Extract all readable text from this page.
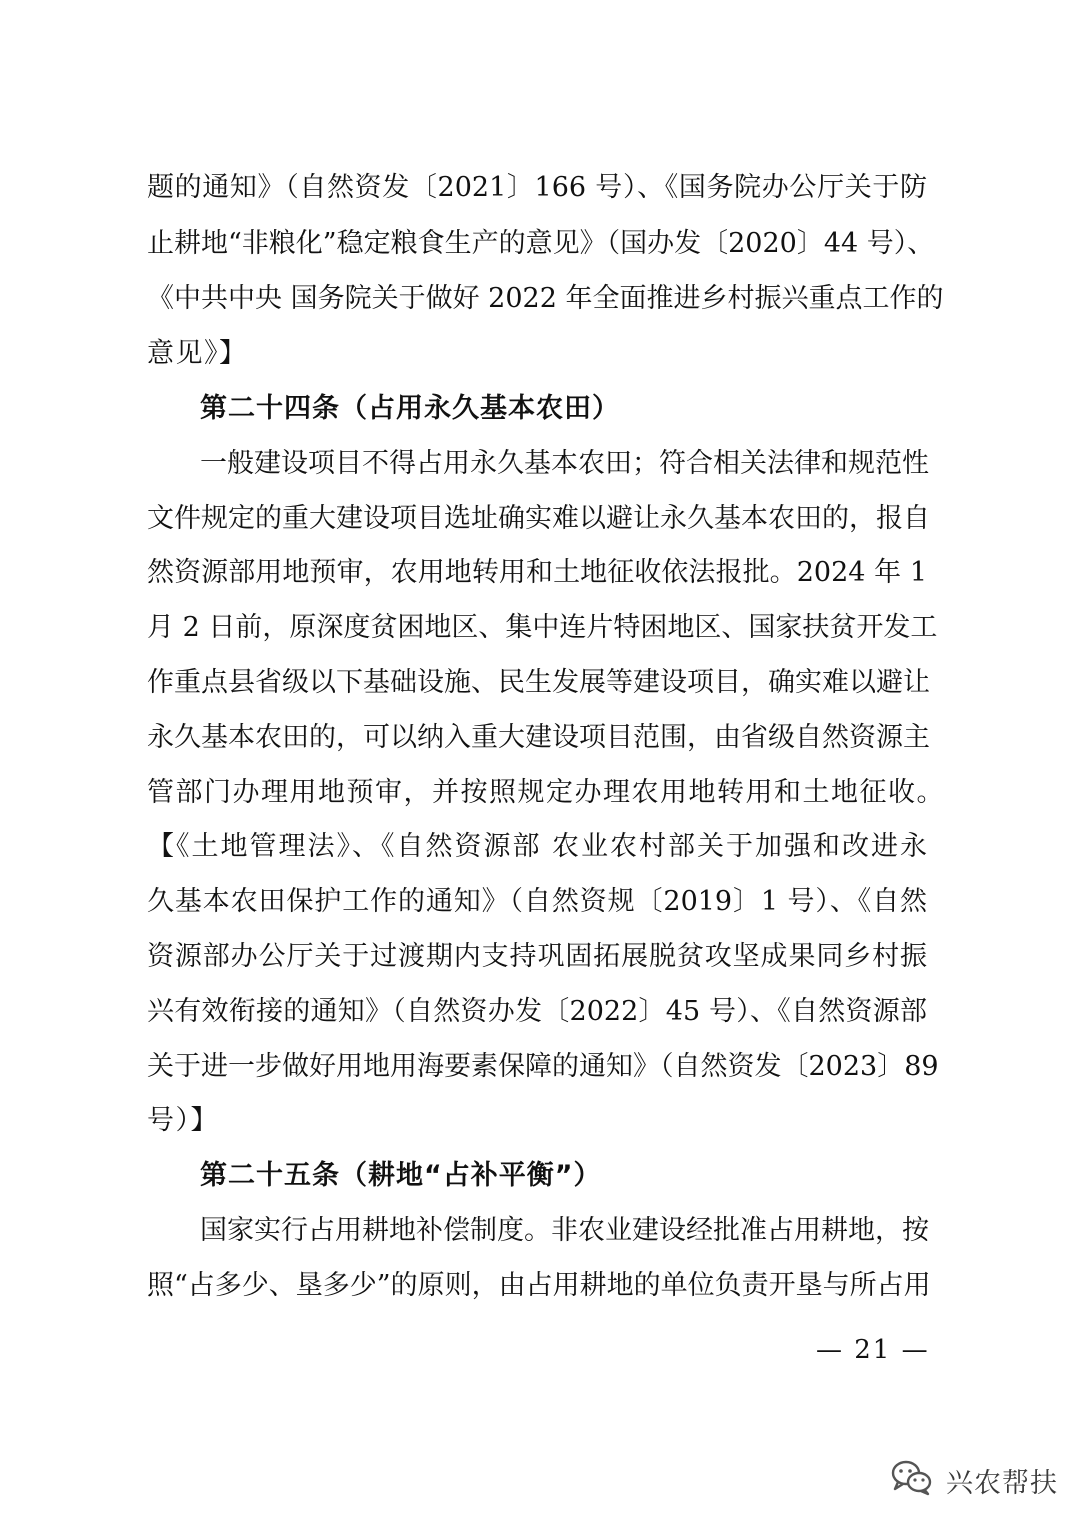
题的通知》（自然资发〔2021〕166 号）、《国务院办公厅关于防
止耕地“非粮化”稳定粮食生产的意见》（国办发〔2020〕44 号）、
《中共中央 国务院关于做好 2022 年全面推进乡村振兴重点工作的
意见》】
第二十四条（占用永久基本农田）
一般建设项目不得占用永久基本农田；符合相关法律和规范性
文件规定的重大建设项目选址确实难以避让永久基本农田的，报自
然资源部用地预审，农用地转用和土地征收依法报批。2024 年 1
月 2 日前，原深度贫困地区、集中连片特困地区、国家扶贫开发工
作重点县省级以下基础设施、民生发展等建设项目，确实难以避让
永久基本农田的，可以纳入重大建设项目范围，由省级自然资源主
管部门办理用地预审，并按照规定办理农用地转用和土地征收。
【《土地管理法》、《自然资源部 农业农村部关于加强和改进永
久基本农田保护工作的通知》（自然资规〔2019〕1 号）、《自然
资源部办公厅关于过渡期内支持巩固拓展脱贫攻坚成果同乡村振
兴有效衔接的通知》（自然资办发〔2022〕45 号）、《自然资源部
关于进一步做好用地用海要素保障的通知》（自然资发〔2023〕89
号）】
第二十五条（耕地“占补平衡”）
国家实行占用耕地补偿制度。非农业建设经批准占用耕地，按
照“占多少、垦多少”的原则，由占用耕地的单位负责开垦与所占用
— 21 —
兴农帮扶
